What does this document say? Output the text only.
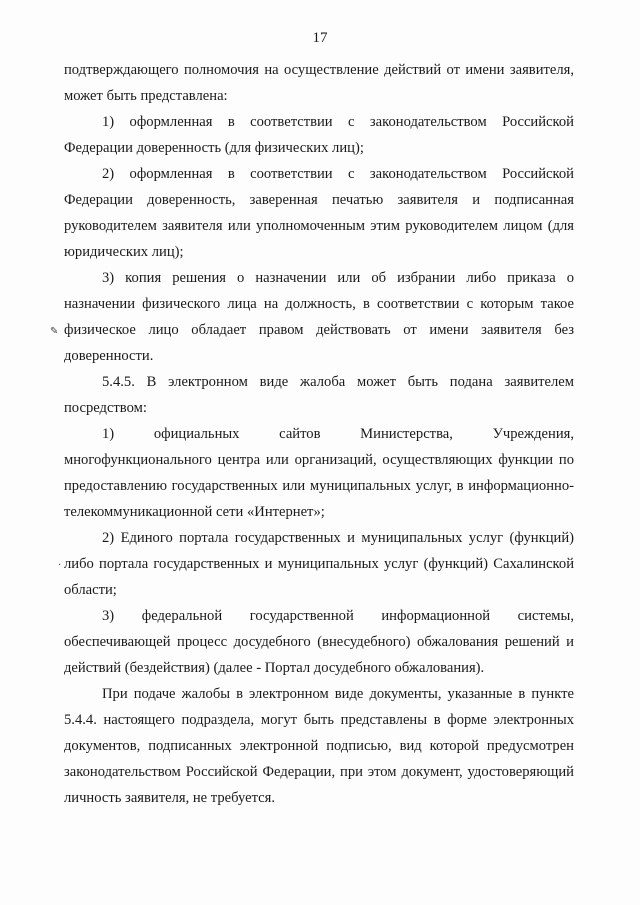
17

подтверждающего полномочия на осуществление действий от имени заявителя, может быть представлена:

1) оформленная в соответствии с законодательством Российской Федерации доверенность (для физических лиц);

2) оформленная в соответствии с законодательством Российской Федерации доверенность, заверенная печатью заявителя и подписанная руководителем заявителя или уполномоченным этим руководителем лицом (для юридических лиц);

3) копия решения о назначении или об избрании либо приказа о назначении физического лица на должность, в соответствии с которым такое физическое лицо обладает правом действовать от имени заявителя без доверенности.

5.4.5. В электронном виде жалоба может быть подана заявителем посредством:

1) официальных сайтов Министерства, Учреждения, многофункционального центра или организаций, осуществляющих функции по предоставлению государственных или муниципальных услуг, в информационно-телекоммуникационной сети «Интернет»;

2) Единого портала государственных и муниципальных услуг (функций) либо портала государственных и муниципальных услуг (функций) Сахалинской области;

3) федеральной государственной информационной системы, обеспечивающей процесс досудебного (внесудебного) обжалования решений и действий (бездействия) (далее - Портал досудебного обжалования).

При подаче жалобы в электронном виде документы, указанные в пункте 5.4.4. настоящего подраздела, могут быть представлены в форме электронных документов, подписанных электронной подписью, вид которой предусмотрен законодательством Российской Федерации, при этом документ, удостоверяющий личность заявителя, не требуется.

✎
·
